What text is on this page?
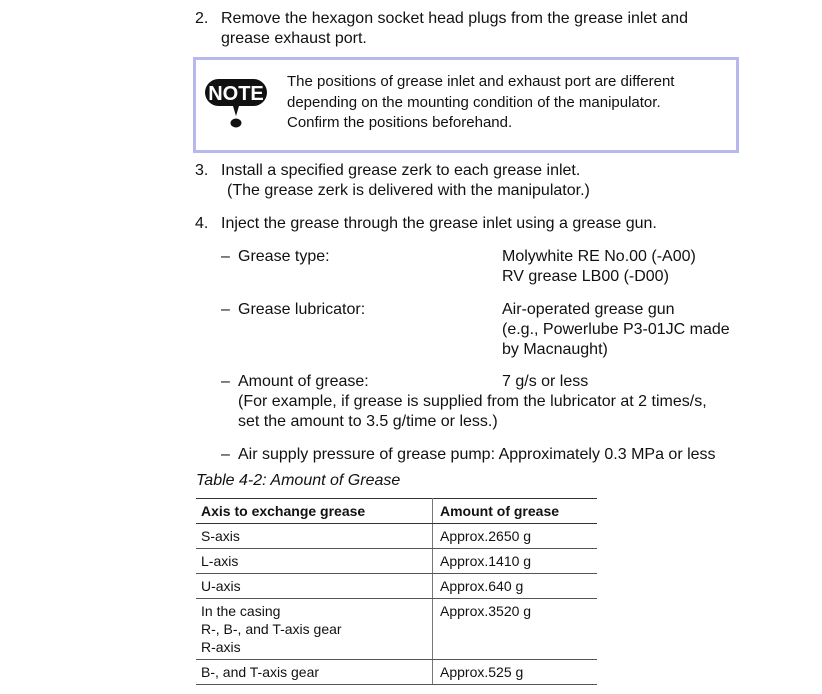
2. Remove the hexagon socket head plugs from the grease inlet and
grease exhaust port.
NOTE
The positions of grease inlet and exhaust port are different
depending on the mounting condition of the manipulator.
Confirm the positions beforehand.
3. Install a specified grease zerk to each grease inlet.
(The grease zerk is delivered with the manipulator.)
4. Inject the grease through the grease inlet using a grease gun.
– Grease type:	Molywhite RE No.00 (-A00)
RV grease LB00 (-D00)
– Grease lubricator:	Air-operated grease gun
(e.g., Powerlube P3-01JC made
by Macnaught)
– Amount of grease:	7 g/s or less
(For example, if grease is supplied from the lubricator at 2 times/s,
set the amount to 3.5 g/time or less.)
– Air supply pressure of grease pump: Approximately 0.3 MPa or less
Table 4-2: Amount of Grease
Axis to exchange grease	Amount of grease

S-axis	Approx.2650 g

L-axis	Approx.1410 g

U-axis	Approx.640 g

In the casing
R-, B-, and T-axis gear
R-axis	Approx.3520 g

B-, and T-axis gear	Approx.525 g
